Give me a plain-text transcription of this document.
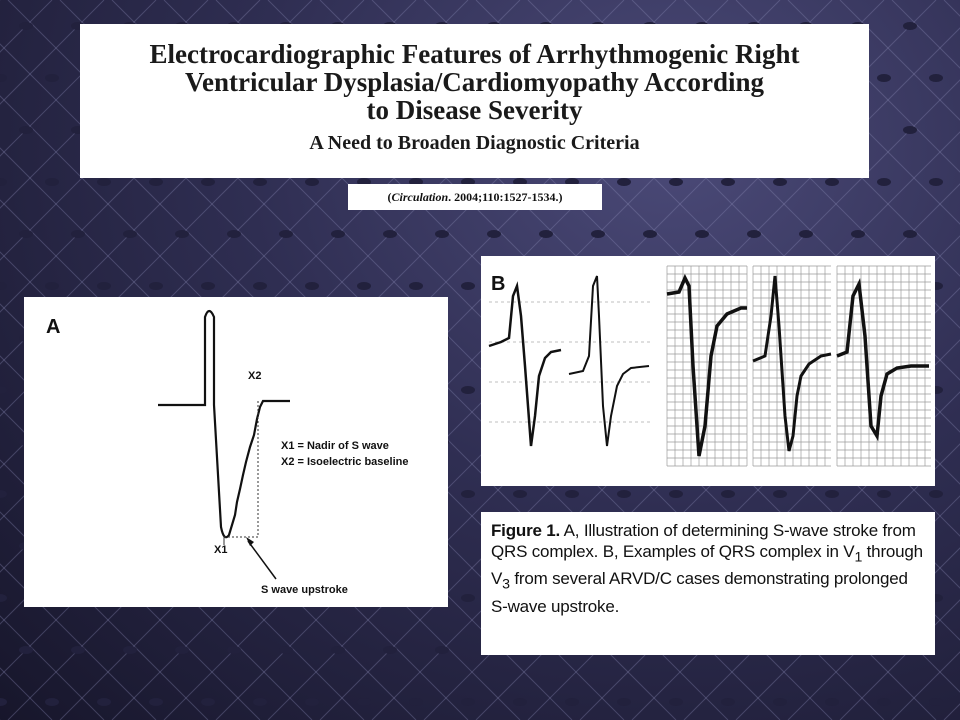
Electrocardiographic Features of Arrhythmogenic Right
Ventricular Dysplasia/Cardiomyopathy According
to Disease Severity
A Need to Broaden Diagnostic Criteria
(Circulation. 2004;110:1527-1534.)
A
X2
X1
X1 = Nadir of S wave
X2 = Isoelectric baseline
S wave upstroke
B
Figure 1. A, Illustration of determining S-wave stroke from QRS complex. B, Examples of QRS complex in $V_1$ through $V_3$ from several ARVD/C cases demonstrating prolonged S-wave upstroke.
